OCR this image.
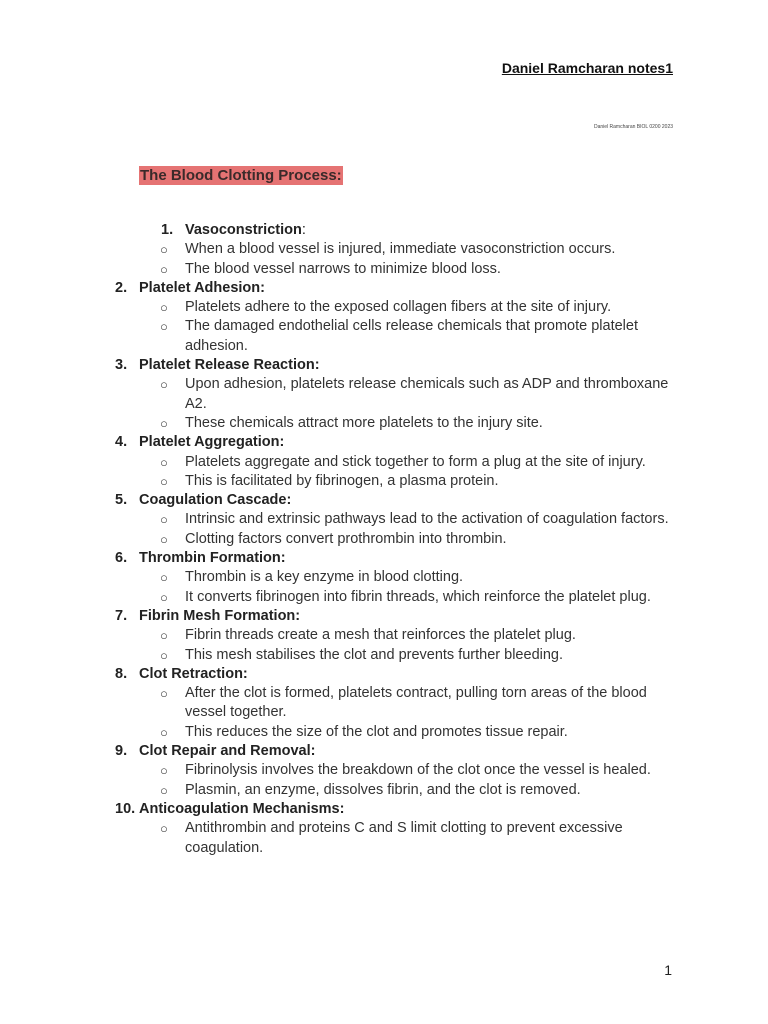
Daniel Ramcharan notes1
Daniel Ramcharan BIOL 0200 2023
The Blood Clotting Process:
1. Vasoconstriction:
○ When a blood vessel is injured, immediate vasoconstriction occurs.
○ The blood vessel narrows to minimize blood loss.
2. Platelet Adhesion:
○ Platelets adhere to the exposed collagen fibers at the site of injury.
○ The damaged endothelial cells release chemicals that promote platelet adhesion.
3. Platelet Release Reaction:
○ Upon adhesion, platelets release chemicals such as ADP and thromboxane A2.
○ These chemicals attract more platelets to the injury site.
4. Platelet Aggregation:
○ Platelets aggregate and stick together to form a plug at the site of injury.
○ This is facilitated by fibrinogen, a plasma protein.
5. Coagulation Cascade:
○ Intrinsic and extrinsic pathways lead to the activation of coagulation factors.
○ Clotting factors convert prothrombin into thrombin.
6. Thrombin Formation:
○ Thrombin is a key enzyme in blood clotting.
○ It converts fibrinogen into fibrin threads, which reinforce the platelet plug.
7. Fibrin Mesh Formation:
○ Fibrin threads create a mesh that reinforces the platelet plug.
○ This mesh stabilises the clot and prevents further bleeding.
8. Clot Retraction:
○ After the clot is formed, platelets contract, pulling torn areas of the blood vessel together.
○ This reduces the size of the clot and promotes tissue repair.
9. Clot Repair and Removal:
○ Fibrinolysis involves the breakdown of the clot once the vessel is healed.
○ Plasmin, an enzyme, dissolves fibrin, and the clot is removed.
10. Anticoagulation Mechanisms:
○ Antithrombin and proteins C and S limit clotting to prevent excessive coagulation.
1
